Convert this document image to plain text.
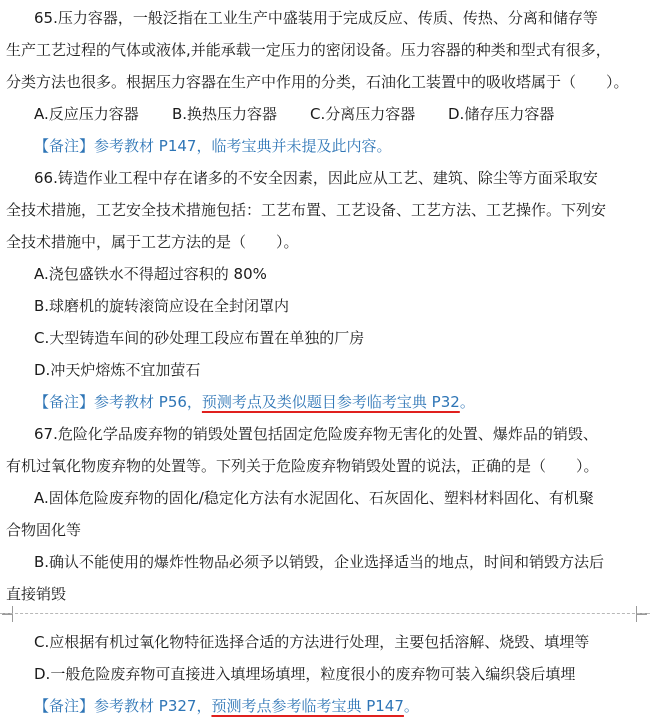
65.压力容器，一般泛指在工业生产中盛装用于完成反应、传质、传热、分离和储存等
生产工艺过程的气体或液体,并能承载一定压力的密闭设备。压力容器的种类和型式有很多，
分类方法也很多。根据压力容器在生产中作用的分类，石油化工装置中的吸收塔属于（　　）。
A.反应压力容器 B.换热压力容器 C.分离压力容器 D.储存压力容器
【备注】参考教材 P147，临考宝典并未提及此内容。
66.铸造作业工程中存在诸多的不安全因素，因此应从工艺、建筑、除尘等方面采取安
全技术措施，工艺安全技术措施包括：工艺布置、工艺设备、工艺方法、工艺操作。下列安
全技术措施中，属于工艺方法的是（　　）。
A.浇包盛铁水不得超过容积的 80%
B.球磨机的旋转滚筒应设在全封闭罩内
C.大型铸造车间的砂处理工段应布置在单独的厂房
D.冲天炉熔炼不宜加萤石
【备注】参考教材 P56，预测考点及类似题目参考临考宝典 P32。
67.危险化学品废弃物的销毁处置包括固定危险废弃物无害化的处置、爆炸品的销毁、
有机过氧化物废弃物的处置等。下列关于危险废弃物销毁处置的说法，正确的是（　　）。
A.固体危险废弃物的固化/稳定化方法有水泥固化、石灰固化、塑料材料固化、有机聚
合物固化等
B.确认不能使用的爆炸性物品必须予以销毁，企业选择适当的地点，时间和销毁方法后
直接销毁
C.应根据有机过氧化物特征选择合适的方法进行处理，主要包括溶解、烧毁、填埋等
D.一般危险废弃物可直接进入填埋场填埋，粒度很小的废弃物可装入编织袋后填埋
【备注】参考教材 P327，预测考点参考临考宝典 P147。
